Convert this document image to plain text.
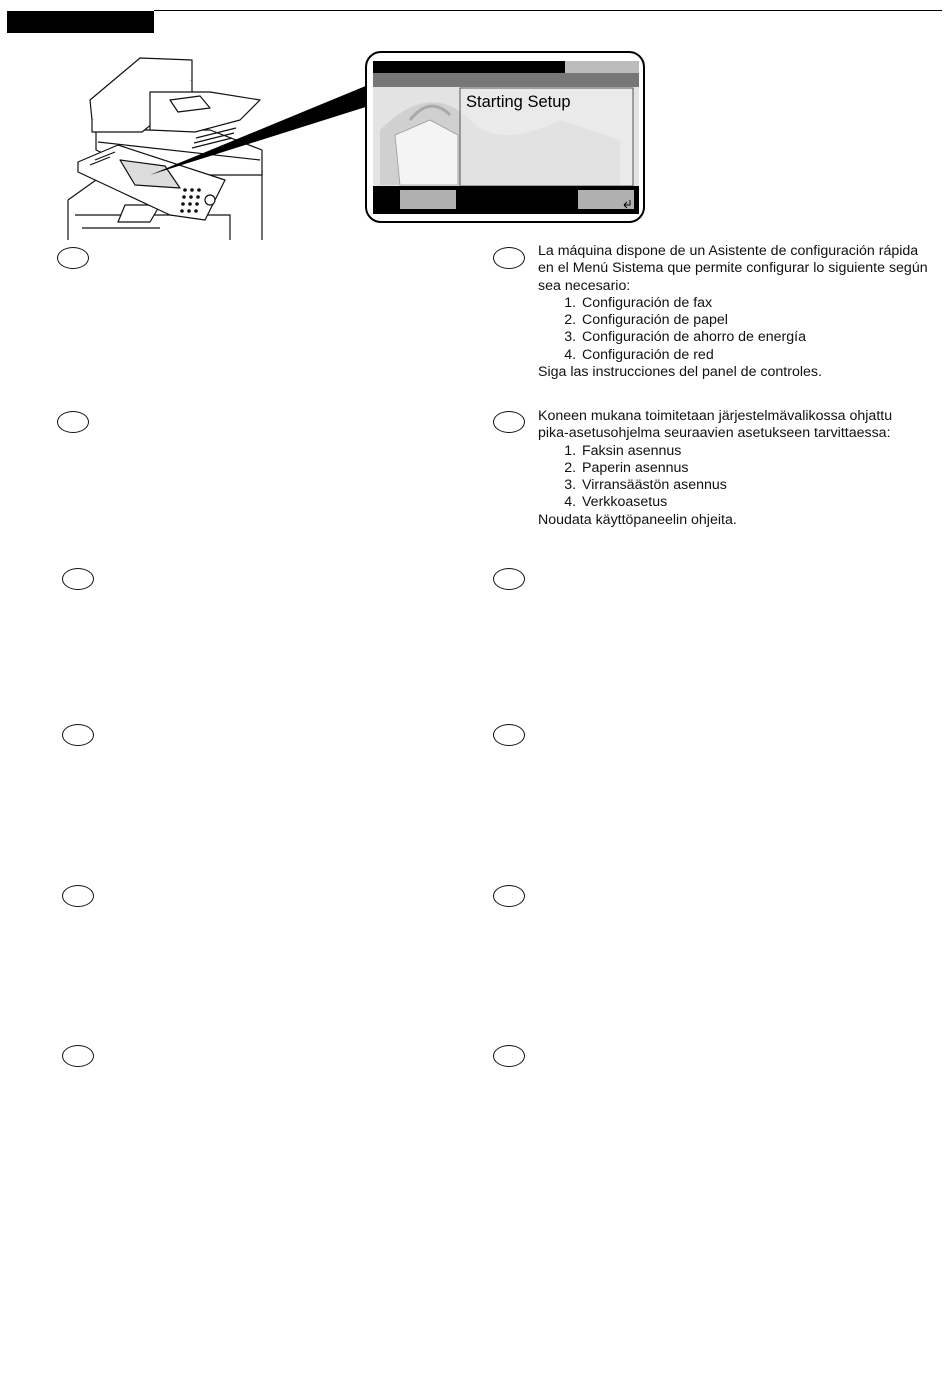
Starting Setup

La máquina dispone de un Asistente de configuración rápida en el Menú Sistema que permite configurar lo siguiente según sea necesario:

1. Configuración de fax
2. Configuración de papel
3. Configuración de ahorro de energía
4. Configuración de red

Siga las instrucciones del panel de controles.

Koneen mukana toimitetaan järjestelmävalikossa ohjattu pika-asetusohjelma seuraavien asetukseen tarvittaessa:

1. Faksin asennus
2. Paperin asennus
3. Virransäästön asennus
4. Verkkoasetus

Noudata käyttöpaneelin ohjeita.
